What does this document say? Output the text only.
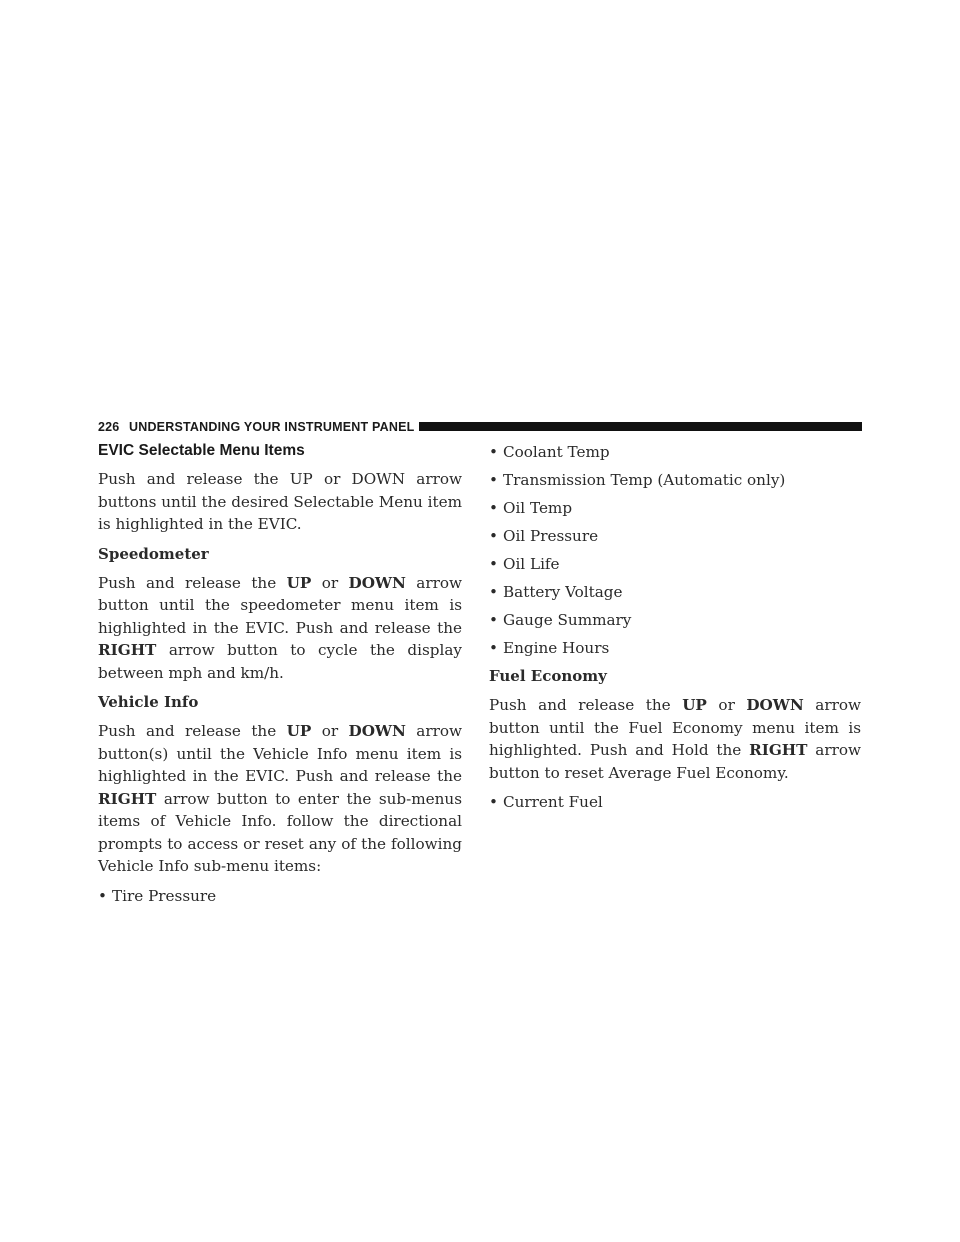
226 UNDERSTANDING YOUR INSTRUMENT PANEL
EVIC Selectable Menu Items

Push and release the UP or DOWN arrow buttons until the desired Selectable Menu item is highlighted in the EVIC.

Speedometer

Push and release the UP or DOWN arrow button until the speedometer menu item is highlighted in the EVIC. Push and release the RIGHT arrow button to cycle the display between mph and km/h.

Vehicle Info

Push and release the UP or DOWN arrow button(s) until the Vehicle Info menu item is highlighted in the EVIC. Push and release the RIGHT arrow button to enter the sub-menus items of Vehicle Info. follow the directional prompts to access or reset any of the following Vehicle Info sub-menu items:

• Tire Pressure
• Coolant Temp
• Transmission Temp (Automatic only)
• Oil Temp
• Oil Pressure
• Oil Life
• Battery Voltage
• Gauge Summary
• Engine Hours
Fuel Economy

Push and release the UP or DOWN arrow button until the Fuel Economy menu item is highlighted. Push and Hold the RIGHT arrow button to reset Average Fuel Economy.

• Current Fuel
